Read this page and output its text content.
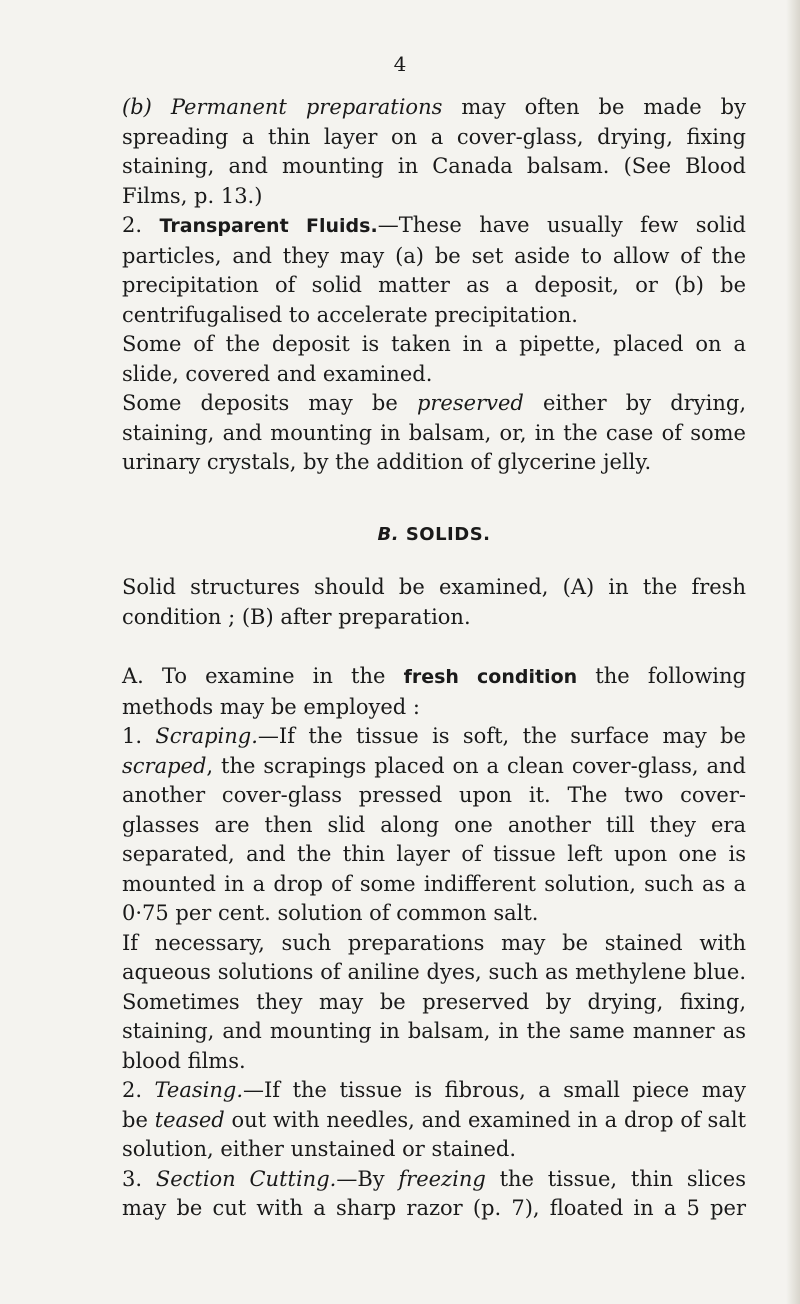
4
(b) Permanent preparations may often be made by
spreading a thin layer on a cover-glass, drying, fixing
staining, and mounting in Canada balsam. (See Blood
Films, p. 13.)
2. Transparent Fluids.—These have usually few solid
particles, and they may (a) be set aside to allow of the
precipitation of solid matter as a deposit, or (b) be
centrifugalised to accelerate precipitation.
Some of the deposit is taken in a pipette, placed on a
slide, covered and examined.
Some deposits may be preserved either by drying,
staining, and mounting in balsam, or, in the case of some
urinary crystals, by the addition of glycerine jelly.
B. SOLIDS.
Solid structures should be examined, (A) in the fresh
condition ; (B) after preparation.
A. To examine in the fresh condition the following
methods may be employed :
1. Scraping.—If the tissue is soft, the surface may be
scraped, the scrapings placed on a clean cover-glass, and
another cover-glass pressed upon it. The two cover-
glasses are then slid along one another till they era
separated, and the thin layer of tissue left upon one is
mounted in a drop of some indifferent solution, such as a
0·75 per cent. solution of common salt.
If necessary, such preparations may be stained with
aqueous solutions of aniline dyes, such as methylene blue.
Sometimes they may be preserved by drying, fixing,
staining, and mounting in balsam, in the same manner as
blood films.
2. Teasing.—If the tissue is fibrous, a small piece may
be teased out with needles, and examined in a drop of salt
solution, either unstained or stained.
3. Section Cutting.—By freezing the tissue, thin slices
may be cut with a sharp razor (p. 7), floated in a 5 per
